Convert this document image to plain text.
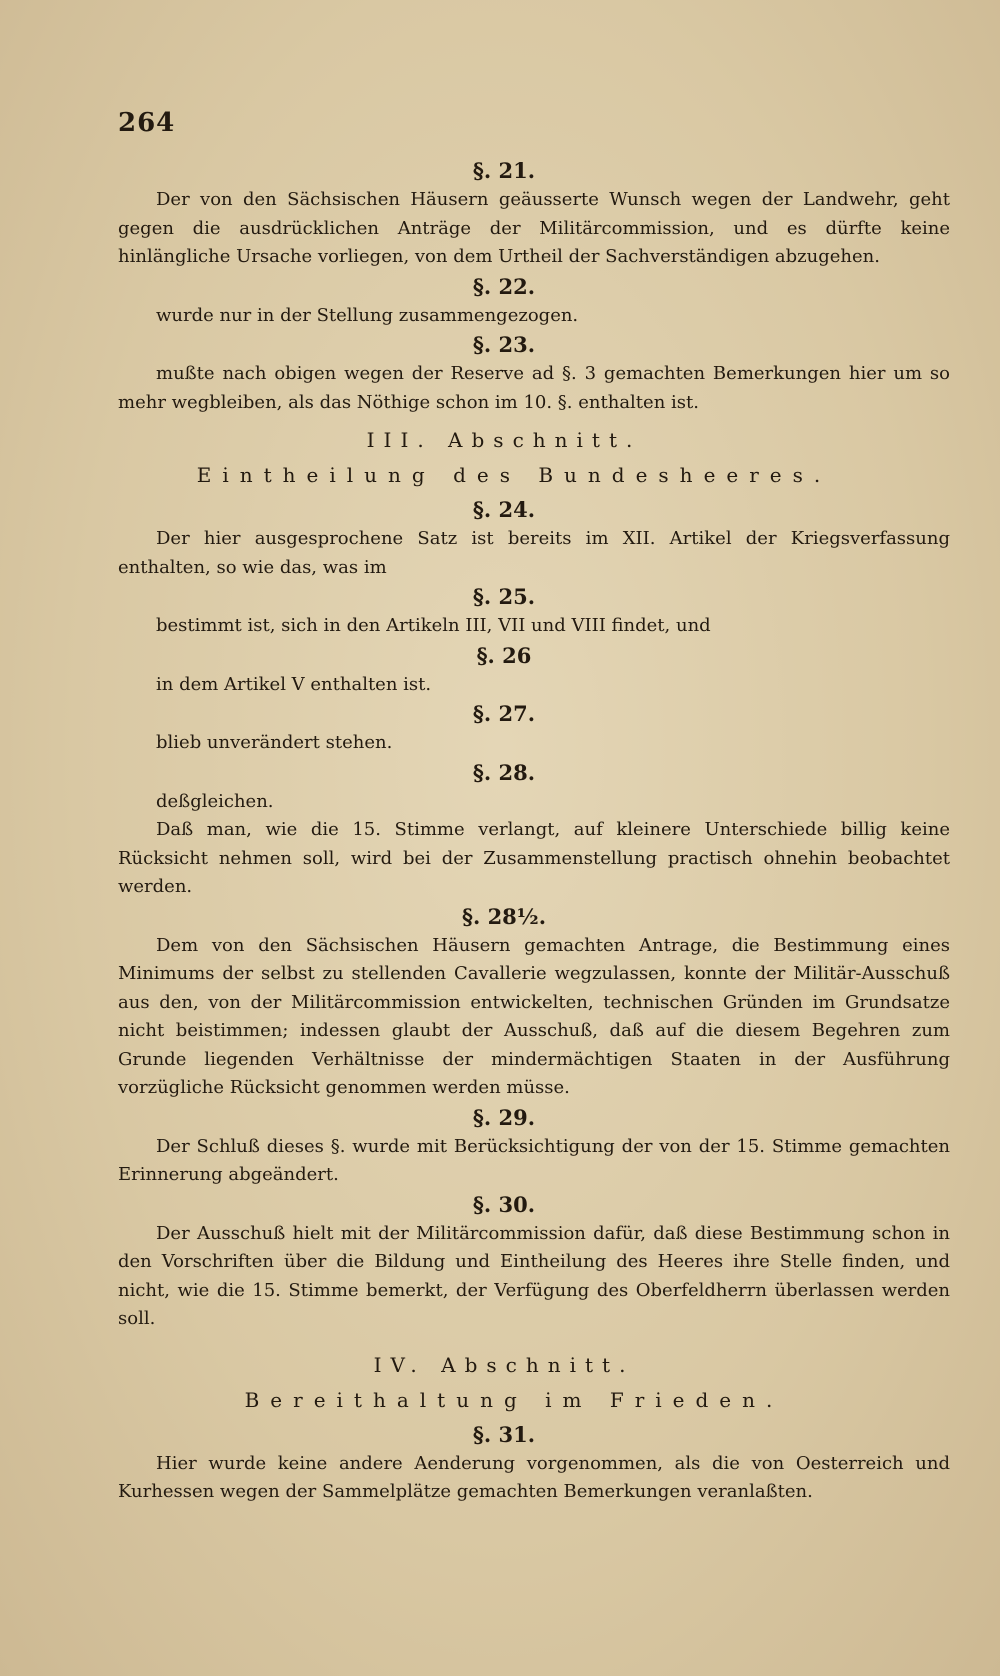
264
§. 21.

Der von den Sächsischen Häusern geäusserte Wunsch wegen der Landwehr, geht gegen die ausdrücklichen Anträge der Militärcommission, und es dürfte keine hinlängliche Ursache vorliegen, von dem Urtheil der Sachverständigen abzugehen.

§. 22.

wurde nur in der Stellung zusammengezogen.

§. 23.

mußte nach obigen wegen der Reserve ad §. 3 gemachten Bemerkungen hier um so mehr wegbleiben, als das Nöthige schon im 10. §. enthalten ist.

III. Abschnitt.
Eintheilung des Bundesheeres.
§. 24.

Der hier ausgesprochene Satz ist bereits im XII. Artikel der Kriegsverfassung enthalten, so wie das, was im

§. 25.

bestimmt ist, sich in den Artikeln III, VII und VIII findet, und

§. 26

in dem Artikel V enthalten ist.

§. 27.

blieb unverändert stehen.

§. 28.

deßgleichen.

Daß man, wie die 15. Stimme verlangt, auf kleinere Unterschiede billig keine Rücksicht nehmen soll, wird bei der Zusammenstellung practisch ohnehin beobachtet werden.

§. 28½.

Dem von den Sächsischen Häusern gemachten Antrage, die Bestimmung eines Minimums der selbst zu stellenden Cavallerie wegzulassen, konnte der Militär-Ausschuß aus den, von der Militärcommission entwickelten, technischen Gründen im Grundsatze nicht beistimmen; indessen glaubt der Ausschuß, daß auf die diesem Begehren zum Grunde liegenden Verhältnisse der mindermächtigen Staaten in der Ausführung vorzügliche Rücksicht genommen werden müsse.

§. 29.

Der Schluß dieses §. wurde mit Berücksichtigung der von der 15. Stimme gemachten Erinnerung abgeändert.

§. 30.

Der Ausschuß hielt mit der Militärcommission dafür, daß diese Bestimmung schon in den Vorschriften über die Bildung und Eintheilung des Heeres ihre Stelle finden, und nicht, wie die 15. Stimme bemerkt, der Verfügung des Oberfeldherrn überlassen werden soll.

IV. Abschnitt.
Bereithaltung im Frieden.
§. 31.

Hier wurde keine andere Aenderung vorgenommen, als die von Oesterreich und Kurhessen wegen der Sammelplätze gemachten Bemerkungen veranlaßten.
